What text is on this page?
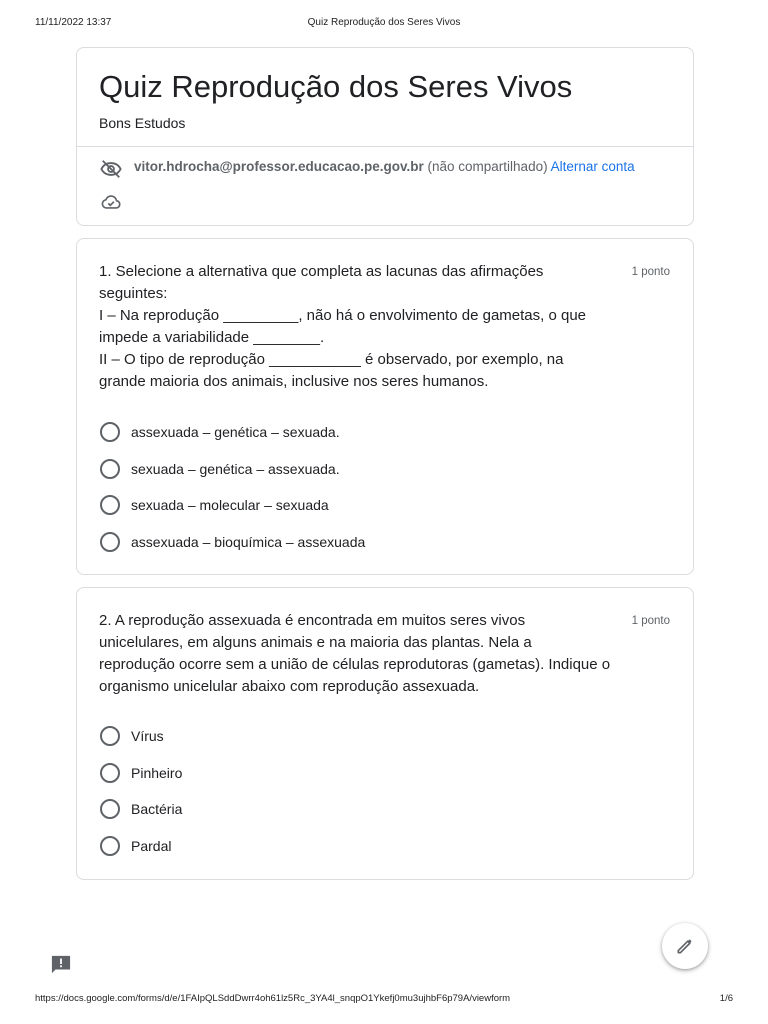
11/11/2022 13:37	Quiz Reprodução dos Seres Vivos
Quiz Reprodução dos Seres Vivos
Bons Estudos
vitor.hdrocha@professor.educacao.pe.gov.br (não compartilhado) Alternar conta

1. Selecione a alternativa que completa as lacunas das afirmações seguintes:
I – Na reprodução _________, não há o envolvimento de gametas, o que impede a variabilidade ________.
II – O tipo de reprodução ___________ é observado, por exemplo, na grande maioria dos animais, inclusive nos seres humanos.

1 ponto
assexuada – genética – sexuada.
sexuada – genética – assexuada.
sexuada – molecular – sexuada
assexuada – bioquímica – assexuada

2. A reprodução assexuada é encontrada em muitos seres vivos unicelulares, em alguns animais e na maioria das plantas. Nela a reprodução ocorre sem a união de células reprodutoras (gametas). Indique o organismo unicelular abaixo com reprodução assexuada.

1 ponto
Vírus
Pinheiro
Bactéria
Pardal
https://docs.google.com/forms/d/e/1FAIpQLSddDwrr4oh61lz5Rc_3YA4l_snqpO1Ykefj0mu3ujhbF6p79A/viewform	1/6
